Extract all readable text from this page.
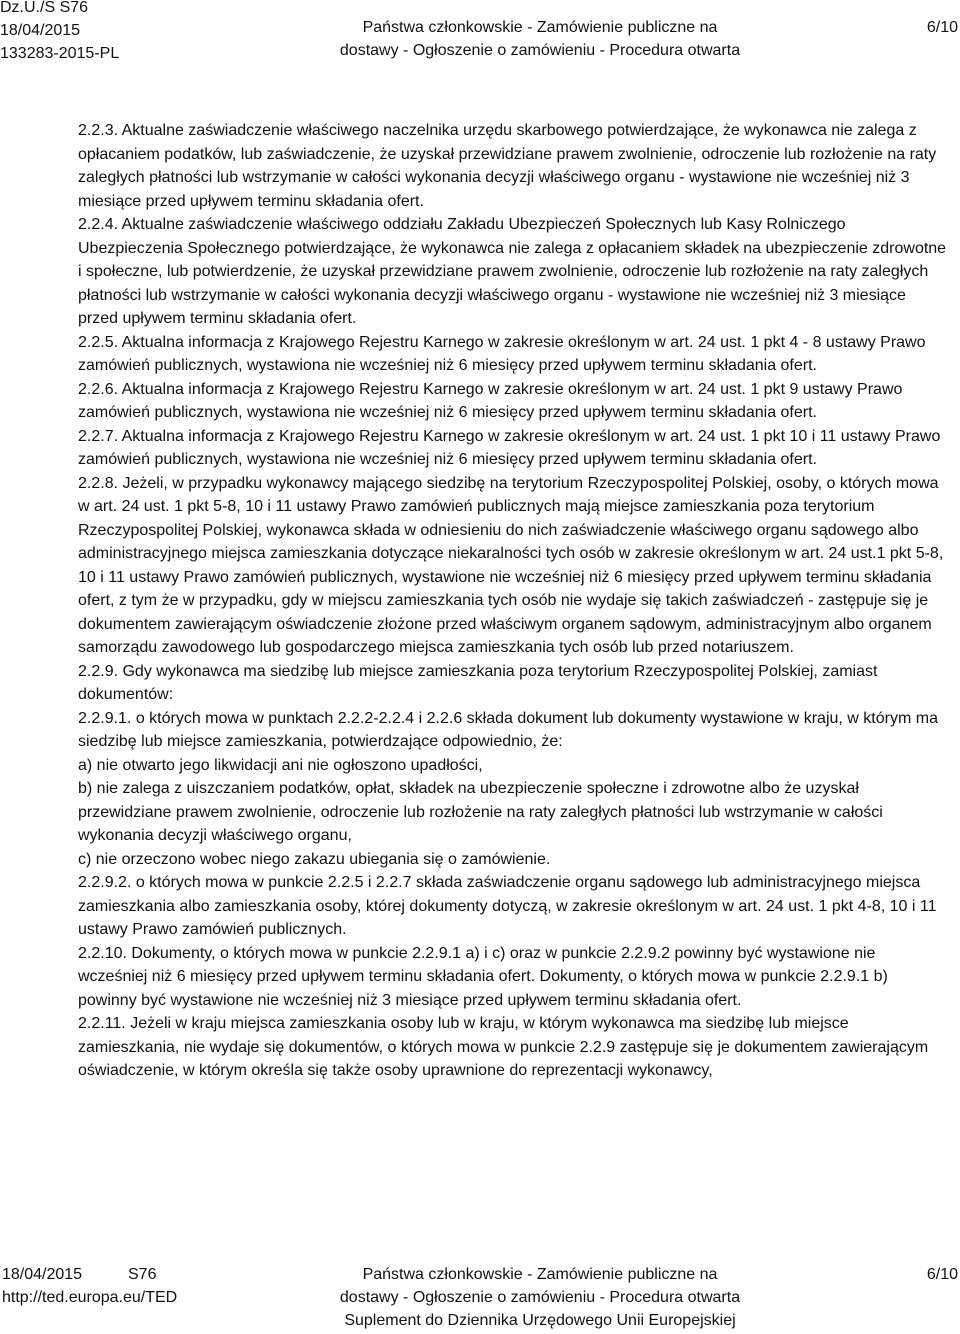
Dz.U./S S76
18/04/2015
133283-2015-PL
Państwa członkowskie - Zamówienie publiczne na
dostawy - Ogłoszenie o zamówieniu - Procedura otwarta
6/10

2.2.3. Aktualne zaświadczenie właściwego naczelnika urzędu skarbowego potwierdzające, że wykonawca nie zalega z opłacaniem podatków, lub zaświadczenie, że uzyskał przewidziane prawem zwolnienie, odroczenie lub rozłożenie na raty zaległych płatności lub wstrzymanie w całości wykonania decyzji właściwego organu - wystawione nie wcześniej niż 3 miesiące przed upływem terminu składania ofert.

2.2.4. Aktualne zaświadczenie właściwego oddziału Zakładu Ubezpieczeń Społecznych lub Kasy Rolniczego Ubezpieczenia Społecznego potwierdzające, że wykonawca nie zalega z opłacaniem składek na ubezpieczenie zdrowotne i społeczne, lub potwierdzenie, że uzyskał przewidziane prawem zwolnienie, odroczenie lub rozłożenie na raty zaległych płatności lub wstrzymanie w całości wykonania decyzji właściwego organu - wystawione nie wcześniej niż 3 miesiące przed upływem terminu składania ofert.

2.2.5. Aktualna informacja z Krajowego Rejestru Karnego w zakresie określonym w art. 24 ust. 1 pkt 4 - 8 ustawy Prawo zamówień publicznych, wystawiona nie wcześniej niż 6 miesięcy przed upływem terminu składania ofert.

2.2.6. Aktualna informacja z Krajowego Rejestru Karnego w zakresie określonym w art. 24 ust. 1 pkt 9 ustawy Prawo zamówień publicznych, wystawiona nie wcześniej niż 6 miesięcy przed upływem terminu składania ofert.

2.2.7. Aktualna informacja z Krajowego Rejestru Karnego w zakresie określonym w art. 24 ust. 1 pkt 10 i 11 ustawy Prawo zamówień publicznych, wystawiona nie wcześniej niż 6 miesięcy przed upływem terminu składania ofert.

2.2.8. Jeżeli, w przypadku wykonawcy mającego siedzibę na terytorium Rzeczypospolitej Polskiej, osoby, o których mowa w art. 24 ust. 1 pkt 5-8, 10 i 11 ustawy Prawo zamówień publicznych mają miejsce zamieszkania poza terytorium Rzeczypospolitej Polskiej, wykonawca składa w odniesieniu do nich zaświadczenie właściwego organu sądowego albo administracyjnego miejsca zamieszkania dotyczące niekaralności tych osób w zakresie określonym w art. 24 ust.1 pkt 5-8, 10 i 11 ustawy Prawo zamówień publicznych, wystawione nie wcześniej niż 6 miesięcy przed upływem terminu składania ofert, z tym że w przypadku, gdy w miejscu zamieszkania tych osób nie wydaje się takich zaświadczeń - zastępuje się je dokumentem zawierającym oświadczenie złożone przed właściwym organem sądowym, administracyjnym albo organem samorządu zawodowego lub gospodarczego miejsca zamieszkania tych osób lub przed notariuszem.

2.2.9. Gdy wykonawca ma siedzibę lub miejsce zamieszkania poza terytorium Rzeczypospolitej Polskiej, zamiast dokumentów:

2.2.9.1. o których mowa w punktach 2.2.2-2.2.4 i 2.2.6 składa dokument lub dokumenty wystawione w kraju, w którym ma siedzibę lub miejsce zamieszkania, potwierdzające odpowiednio, że:

a) nie otwarto jego likwidacji ani nie ogłoszono upadłości,

b) nie zalega z uiszczaniem podatków, opłat, składek na ubezpieczenie społeczne i zdrowotne albo że uzyskał przewidziane prawem zwolnienie, odroczenie lub rozłożenie na raty zaległych płatności lub wstrzymanie w całości wykonania decyzji właściwego organu,

c) nie orzeczono wobec niego zakazu ubiegania się o zamówienie.

2.2.9.2. o których mowa w punkcie 2.2.5 i 2.2.7 składa zaświadczenie organu sądowego lub administracyjnego miejsca zamieszkania albo zamieszkania osoby, której dokumenty dotyczą, w zakresie określonym w art. 24 ust. 1 pkt 4-8, 10 i 11 ustawy Prawo zamówień publicznych.

2.2.10. Dokumenty, o których mowa w punkcie 2.2.9.1 a) i c) oraz w punkcie 2.2.9.2 powinny być wystawione nie wcześniej niż 6 miesięcy przed upływem terminu składania ofert. Dokumenty, o których mowa w punkcie 2.2.9.1 b) powinny być wystawione nie wcześniej niż 3 miesiące przed upływem terminu składania ofert.

2.2.11. Jeżeli w kraju miejsca zamieszkania osoby lub w kraju, w którym wykonawca ma siedzibę lub miejsce zamieszkania, nie wydaje się dokumentów, o których mowa w punkcie 2.2.9 zastępuje się je dokumentem zawierającym oświadczenie, w którym określa się także osoby uprawnione do reprezentacji wykonawcy,

18/04/2015
http://ted.europa.eu/TED
S76	Państwa członkowskie - Zamówienie publiczne na
dostawy - Ogłoszenie o zamówieniu - Procedura otwarta
Suplement do Dziennika Urzędowego Unii Europejskiej
6/10
